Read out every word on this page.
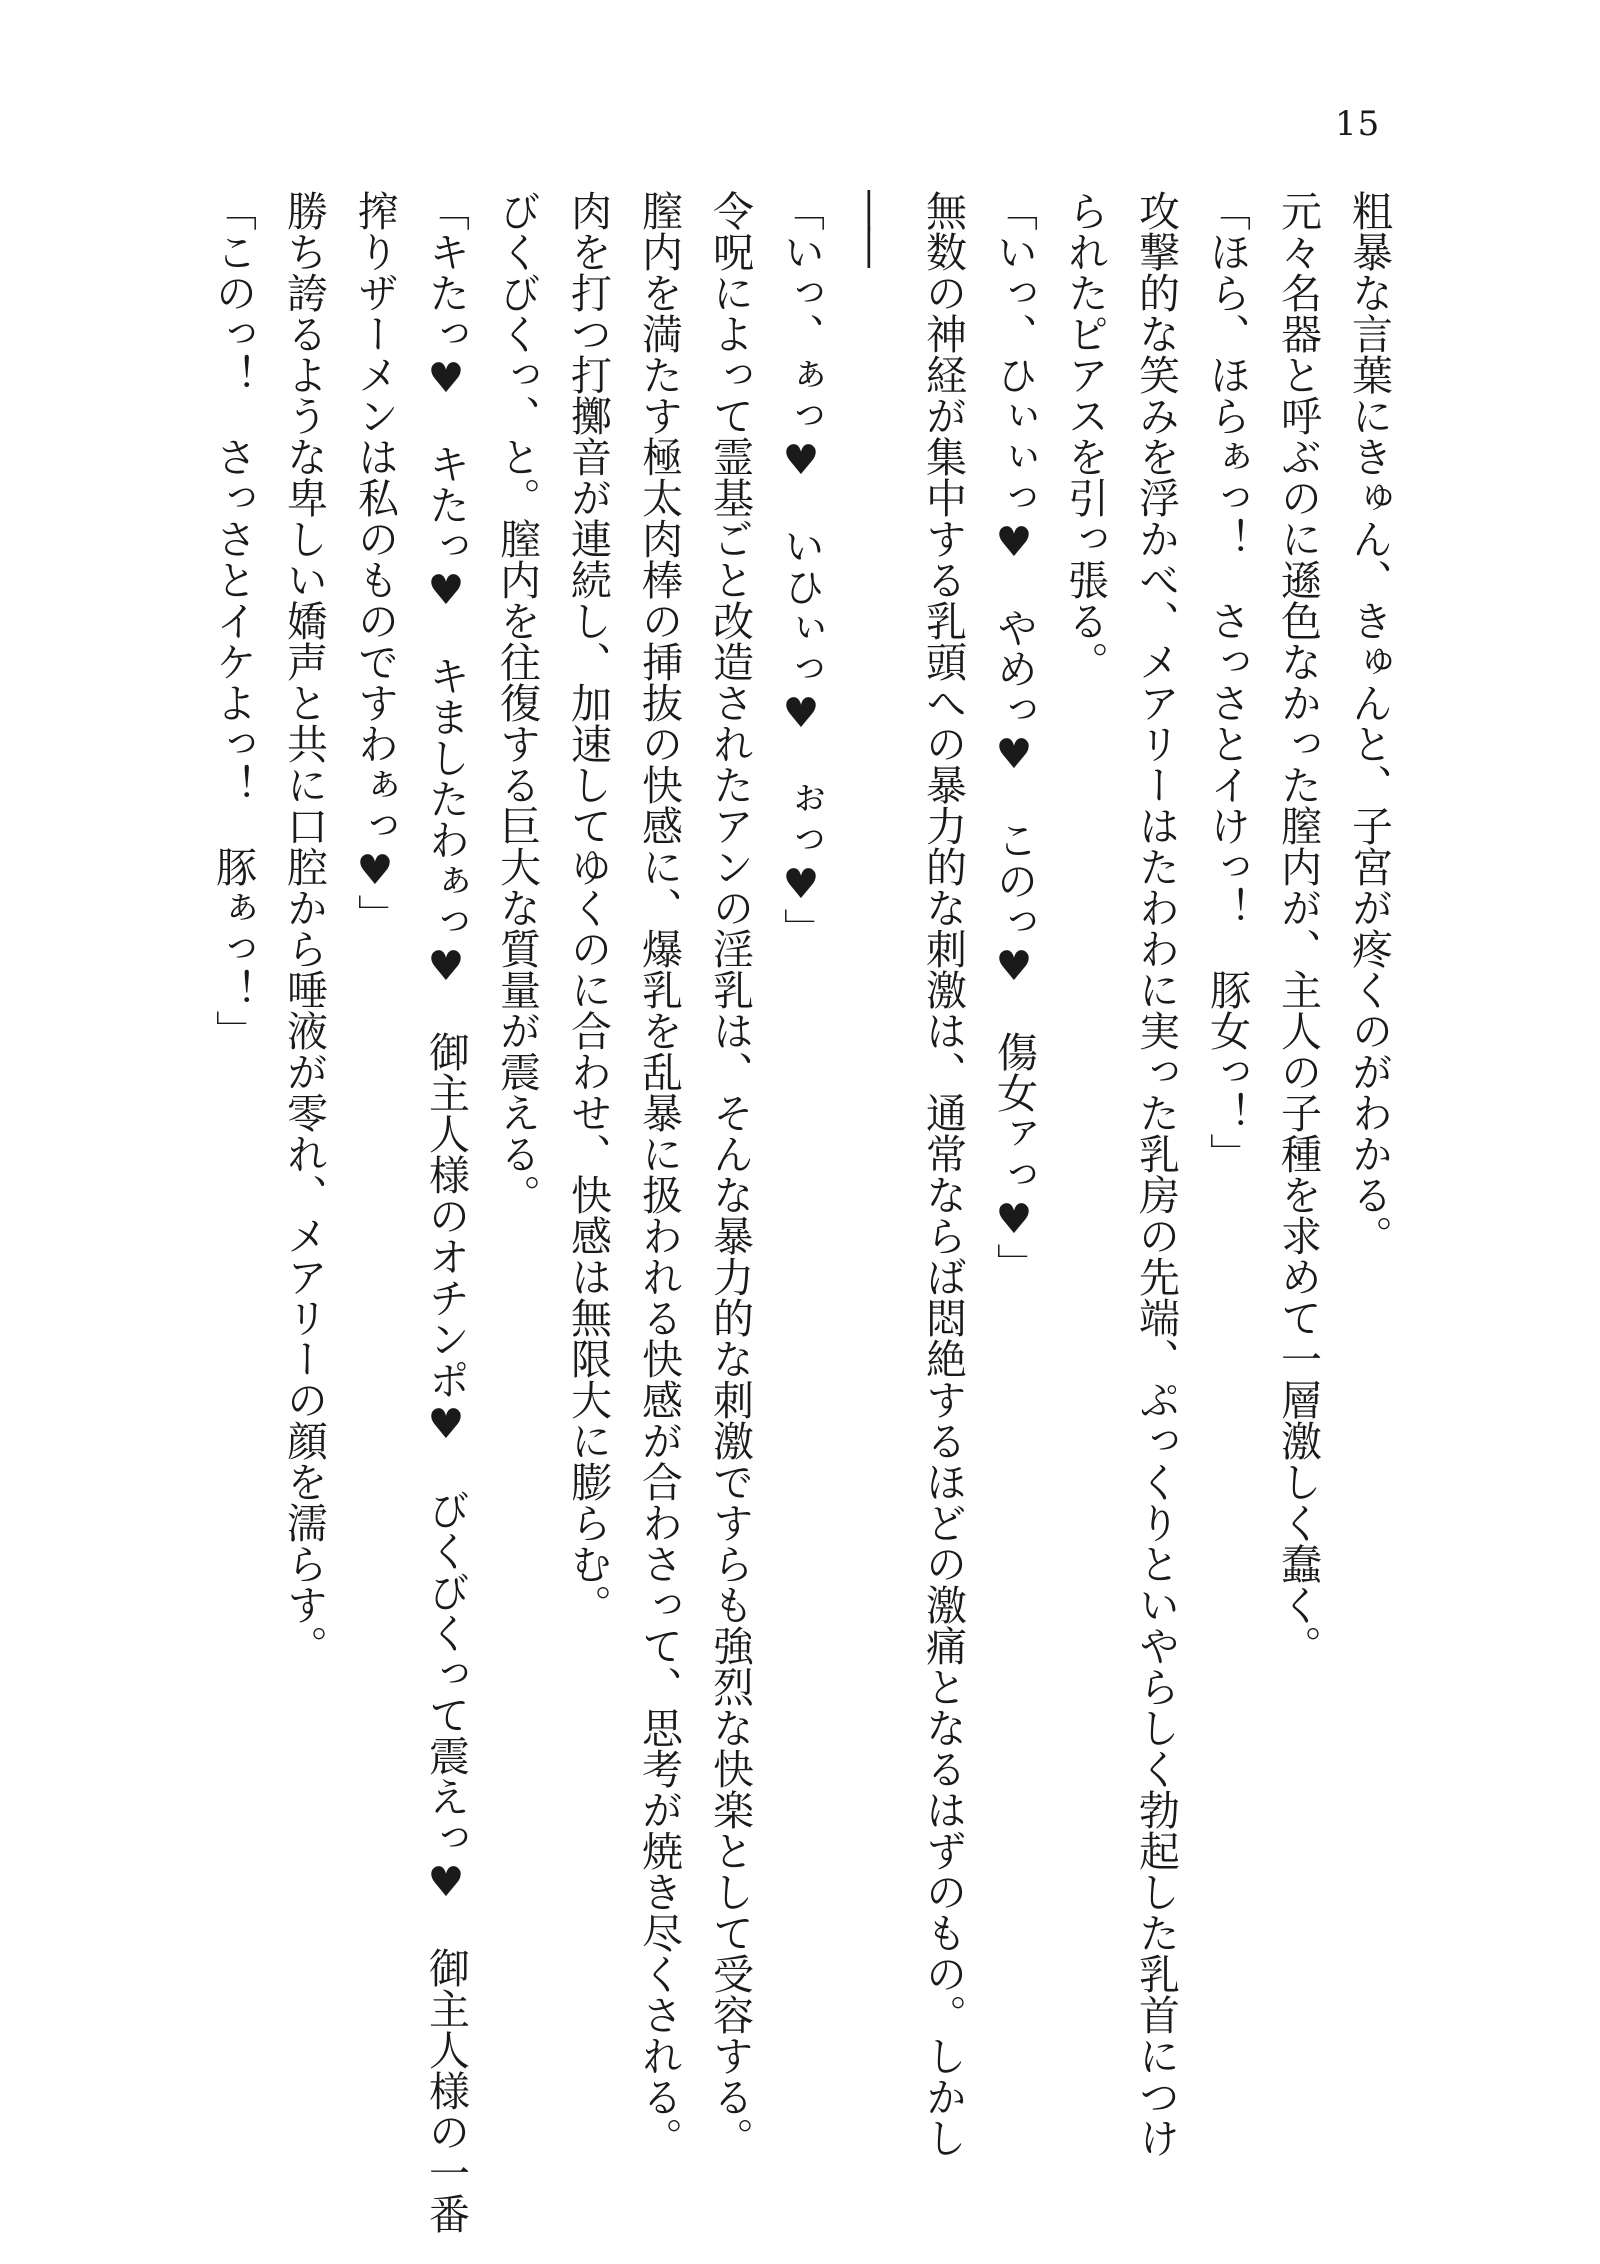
15
粗暴な言葉にきゅん、きゅんと、子宮が疼くのがわかる。
元々名器と呼ぶのに遜色なかった膣内が、主人の子種を求めて一層激しく蠢く。
「ほら、ほらぁっ！　さっさとイけっ！　豚女っ！」
攻撃的な笑みを浮かべ、メアリーはたわわに実った乳房の先端、ぷっくりといやらしく勃起した乳首につけ
られたピアスを引っ張る。
「いっ、ひぃぃっ♥　やめっ♥　このっ♥　傷女ァっ♥」
無数の神経が集中する乳頭への暴力的な刺激は、通常ならば悶絶するほどの激痛となるはずのもの。しかし
――
「いっ、ぁっ♥　いひぃっ♥　ぉっ♥」
令呪によって霊基ごと改造されたアンの淫乳は、そんな暴力的な刺激ですらも強烈な快楽として受容する。
膣内を満たす極太肉棒の挿抜の快感に、爆乳を乱暴に扱われる快感が合わさって、思考が焼き尽くされる。
肉を打つ打擲音が連続し、加速してゆくのに合わせ、快感は無限大に膨らむ。
びくびくっ、と。膣内を往復する巨大な質量が震える。
「キたっ♥　キたっ♥　キましたわぁっ♥　御主人様のオチンポ♥　びくびくって震えっ♥　御主人様の一番
搾りザーメンは私のものですわぁっ♥」
勝ち誇るような卑しい嬌声と共に口腔から唾液が零れ、メアリーの顔を濡らす。
「このっ！　さっさとイケよっ！　豚ぁっ！」
